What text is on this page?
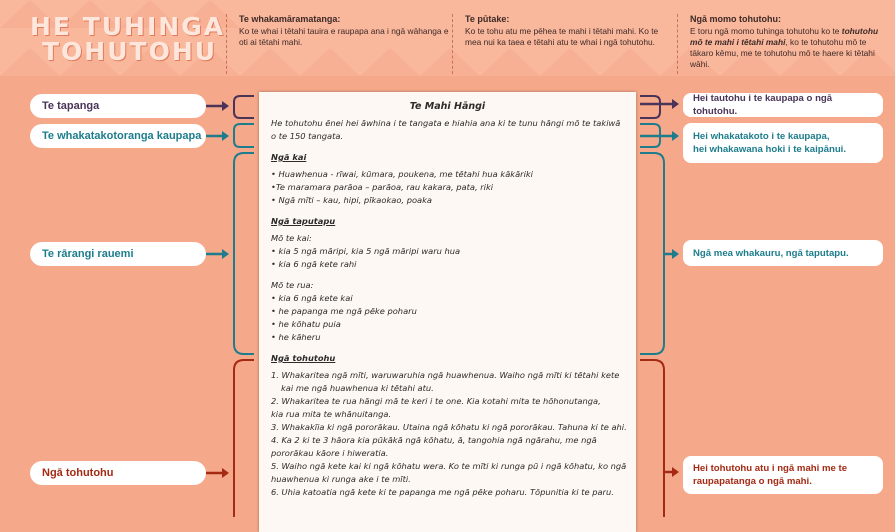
HE TUHINGA
TOHUTOHU
Te whakamāramatanga:
Ko te whai i tētahi tauira e raupapa ana i ngā wāhanga e oti ai tētahi mahi.
Te pūtake:
Ko te tohu atu me pēhea te mahi i tētahi mahi. Ko te mea nui ka taea e tētahi atu te whai i ngā tohutohu.
Ngā momo tohutohu:
E toru ngā momo tuhinga tohutohu ko te tohutohu mō te mahi i tētahi mahi, ko te tohutohu mō te tākaro kēmu, me te tohutohu mō te haere ki tētahi wāhi.
Te tapanga
Te whakatakotoranga kaupapa
Te rārangi rauemi
Ngā tohutohu
Hei tautohu i te kaupapa o ngā tohutohu.
Hei whakatakoto i te kaupapa,
hei whakawana hoki i te kaipānui.
Ngā mea whakauru, ngā taputapu.
Hei tohutohu atu i ngā mahi me te
raupapatanga o ngā mahi.
Te Mahi Hāngi
He tohutohu ēnei hei āwhina i te tangata e hiahia ana ki te tunu hāngi mō te takiwā
o te 150 tangata.
Ngā kai
• Huawhenua - rīwai, kūmara, poukena, me tētahi hua kākāriki
•Te maramara parāoa – parāoa, rau kakara, pata, riki
• Ngā mīti – kau, hipi, pīkaokao, poaka
Ngā taputapu
Mō te kai:
• kia 5 ngā māripi, kia 5 ngā māripi waru hua
• kia 6 ngā kete rahi
Mō te rua:
• kia 6 ngā kete kai
• he papanga me ngā pēke poharu
• he kōhatu puia
• he kāheru
Ngā tohutohu
1. Whakaritea ngā mīti, waruwaruhia ngā huawhenua. Waiho ngā mīti ki tētahi kete
kai me ngā huawhenua ki tētahi atu.
2. Whakaritea te rua hāngi mā te keri i te one. Kia kotahi mita te hōhonutanga,
kia rua mita te whānuitanga.
3. Whakakīia ki ngā pororākau. Utaina ngā kōhatu ki ngā pororākau. Tahuna ki te ahi.
4. Ka 2 ki te 3 hāora kia pūkākā ngā kōhatu, ā, tangohia ngā ngārahu, me ngā
pororākau kāore i hiweratia.
5. Waiho ngā kete kai ki ngā kōhatu wera. Ko te mīti ki runga pū i ngā kōhatu, ko ngā
huawhenua ki runga ake i te mīti.
6. Uhia katoatia ngā kete ki te papanga me ngā pēke poharu. Tōpunitia ki te paru.
